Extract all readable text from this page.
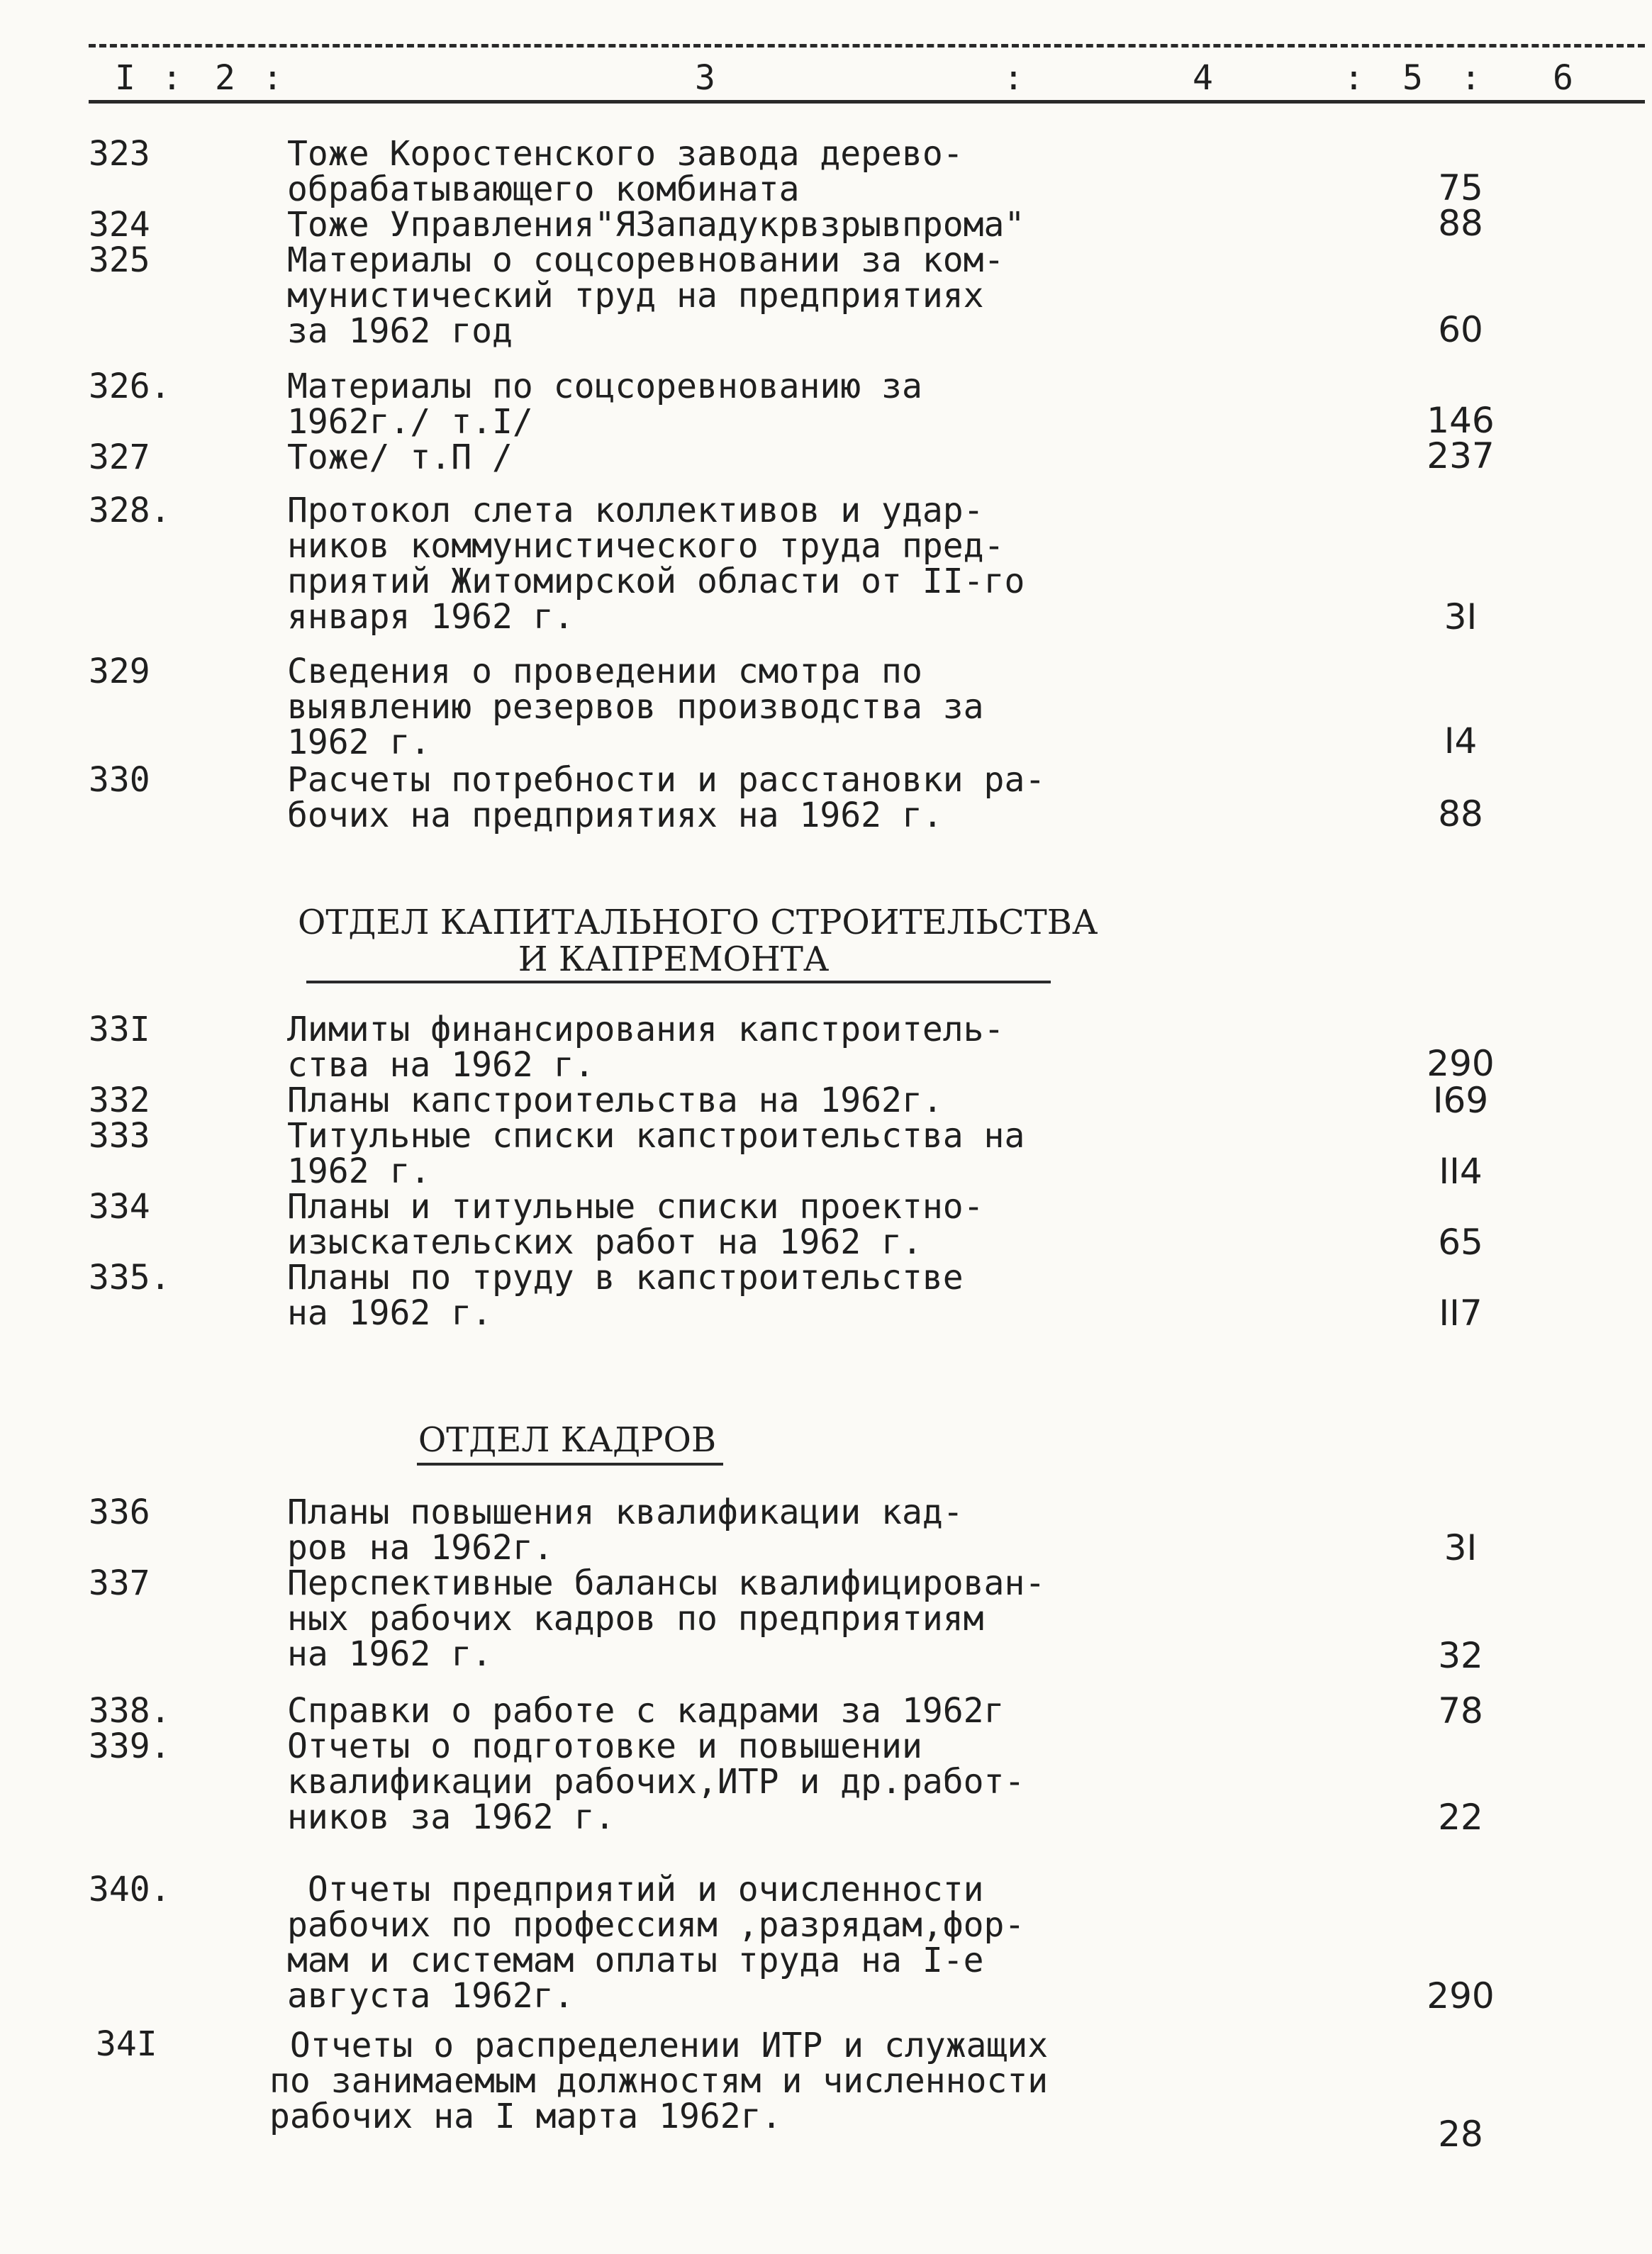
I : 2 :	3	:	4	: 5 : 6
323	Тоже Коростенского завода дерево-
обрабатывающего комбината	75
324	Тоже Управления"ЯЗападукрвзрывпрома"	88
325	Материалы о соцсоревновании за ком-
мунистический труд на предприятиях
за 1962 год	60
326.	Материалы по соцсоревнованию за
1962г./ т.I/	146
327	Тоже/ т.П /	237
328.	Протокол слета коллективов и удар-
ников коммунистического труда пред-
приятий Житомирской области от II-го
января 1962 г.	3I
329	Сведения о проведении смотра по
выявлению резервов производства за
1962 г.	I4
330	Расчеты потребности и расстановки ра-
бочих на предприятиях на 1962 г.	88
ОТДЕЛ КАПИТАЛЬНОГО СТРОИТЕЛЬСТВА
И КАПРЕМОНТА
33I	Лимиты финансирования капстроитель-
ства на 1962 г.	290
332	Планы капстроительства на 1962г.	I69
333	Титульные списки капстроительства на
1962 г.	II4
334	Планы и титульные списки проектно-
изыскательских работ на 1962 г.	65
335.	Планы по труду в капстроительстве
на 1962 г.	II7
ОТДЕЛ КАДРОВ
336	Планы повышения квалификации кад-
ров на 1962г.	3I
337	Перспективные балансы квалифицирован-
ных рабочих кадров по предприятиям
на 1962 г.	32
338.	Справки о работе с кадрами за 1962г	78
339.	Отчеты о подготовке и повышении
квалификации рабочих,ИТР и др.работ-
ников за 1962 г.	22
340.	Отчеты предприятий и очисленности
рабочих по профессиям ,разрядам,фор-
мам и системам оплаты труда на I-е
августа 1962г.	290
34I	Отчеты о распределении ИТР и служащих
по занимаемым должностям и численности
рабочих на I марта 1962г.	28
